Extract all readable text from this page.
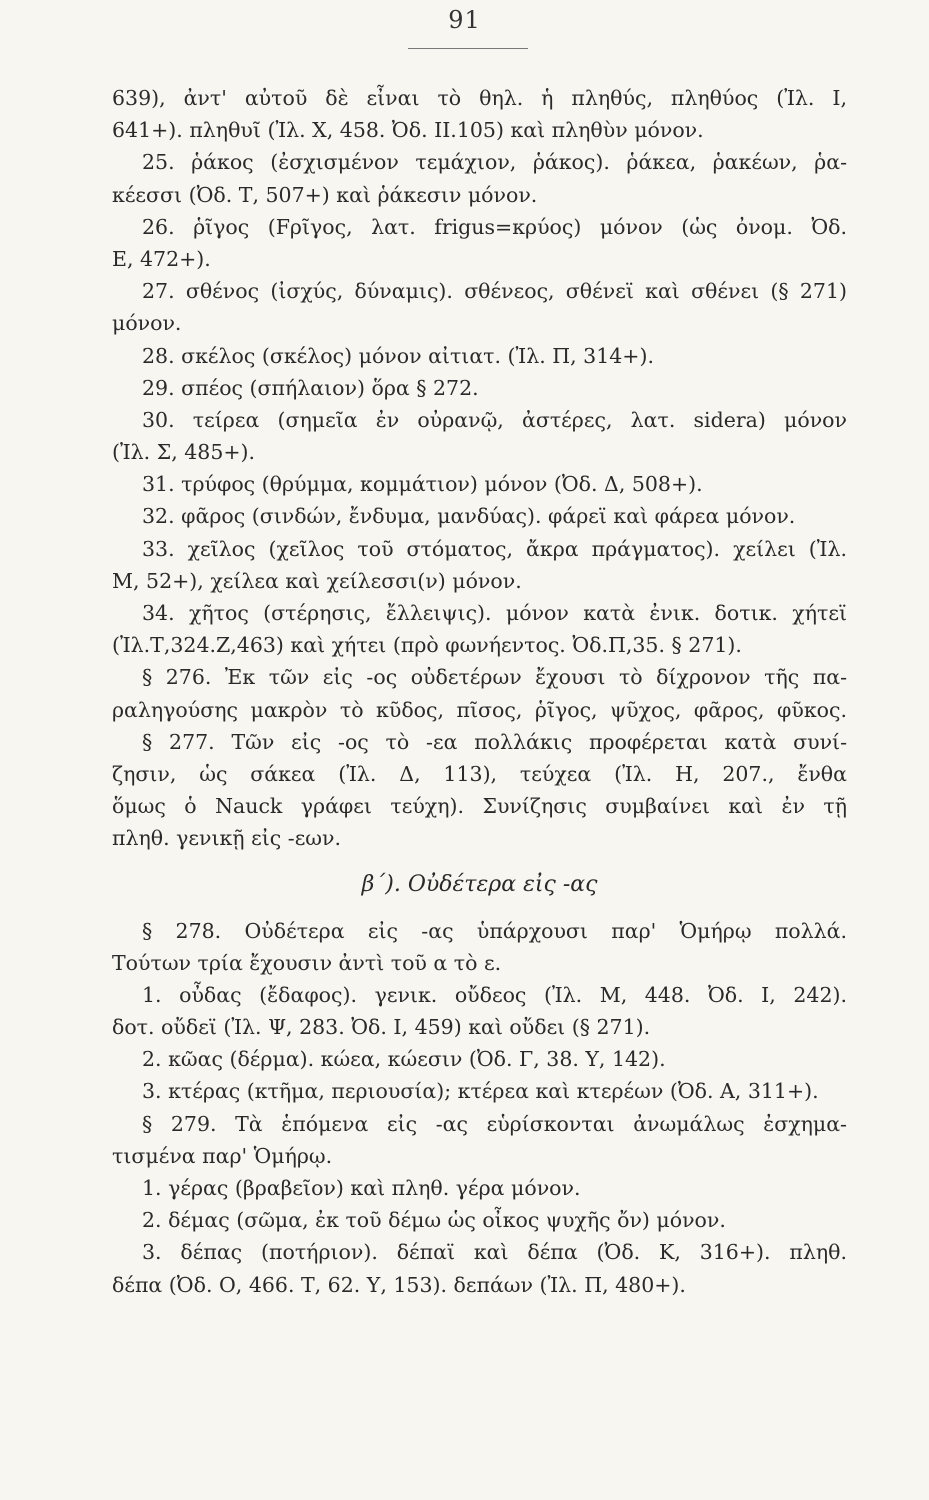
91
639), ἀντ' αὐτοῦ δὲ εἶναι τὸ θηλ. ἡ πληθύς, πληθύος (Ἰλ. Ι,
641+). πληθυῖ (Ἰλ. Χ, 458. Ὀδ. ΙΙ.105) καὶ πληθὺν μόνον.
25. ῥάκος (ἐσχισμένον τεμάχιον, ῥάκος). ῥάκεα, ῥακέων, ῥα-
κέεσσι (Ὀδ. Τ, 507+) καὶ ῥάκεσιν μόνον.
26. ῥῖγος (Fρῖγος, λατ. frigus=κρύος) μόνον (ὡς ὀνομ. Ὀδ.
Ε, 472+).
27. σθένος (ἰσχύς, δύναμις). σθένεος, σθένεϊ καὶ σθένει (§ 271)
μόνον.
28. σκέλος (σκέλος) μόνον αἰτιατ. (Ἰλ. Π, 314+).
29. σπέος (σπήλαιον) ὅρα § 272.
30. τείρεα (σημεῖα ἐν οὐρανῷ, ἀστέρες, λατ. sidera) μόνον
(Ἰλ. Σ, 485+).
31. τρύφος (θρύμμα, κομμάτιον) μόνον (Ὀδ. Δ, 508+).
32. φᾶρος (σινδών, ἔνδυμα, μανδύας). φάρεϊ καὶ φάρεα μόνον.
33. χεῖλος (χεῖλος τοῦ στόματος, ἄκρα πράγματος). χείλει (Ἰλ.
Μ, 52+), χείλεα καὶ χείλεσσι(ν) μόνον.
34. χῆτος (στέρησις, ἔλλειψις). μόνον κατὰ ἐνικ. δοτικ. χήτεϊ
(Ἰλ.Τ,324.Ζ,463) καὶ χήτει (πρὸ φωνήεντος. Ὀδ.Π,35. § 271).
§ 276. Ἐκ τῶν εἰς -ος οὐδετέρων ἔχουσι τὸ δίχρονον τῆς πα-
ραληγούσης μακρὸν τὸ κῦδος, πῖσος, ῥῖγος, ψῦχος, φᾶρος, φῦκος.
§ 277. Τῶν εἰς -ος τὸ -εα πολλάκις προφέρεται κατὰ συνί-
ζησιν, ὡς σάκεα (Ἰλ. Δ, 113), τεύχεα (Ἰλ. Η, 207., ἔνθα
ὅμως ὁ Nauck γράφει τεύχη). Συνίζησις συμβαίνει καὶ ἐν τῇ
πληθ. γενικῇ εἰς -εων.
β΄). Οὐδέτερα εἰς -ας
§ 278. Οὐδέτερα εἰς -ας ὑπάρχουσι παρ' Ὁμήρῳ πολλά.
Τούτων τρία ἔχουσιν ἀντὶ τοῦ α τὸ ε.
1. οὖδας (ἔδαφος). γενικ. οὔδεος (Ἰλ. Μ, 448. Ὀδ. Ι, 242).
δοτ. οὔδεϊ (Ἰλ. Ψ, 283. Ὀδ. Ι, 459) καὶ οὔδει (§ 271).
2. κῶας (δέρμα). κώεα, κώεσιν (Ὀδ. Γ, 38. Υ, 142).
3. κτέρας (κτῆμα, περιουσία); κτέρεα καὶ κτερέων (Ὀδ. Α, 311+).
§ 279. Τὰ ἑπόμενα εἰς -ας εὑρίσκονται ἀνωμάλως ἐσχημα-
τισμένα παρ' Ὁμήρῳ.
1. γέρας (βραβεῖον) καὶ πληθ. γέρα μόνον.
2. δέμας (σῶμα, ἐκ τοῦ δέμω ὡς οἶκος ψυχῆς ὄν) μόνον.
3. δέπας (ποτήριον). δέπαϊ καὶ δέπα (Ὀδ. Κ, 316+). πληθ.
δέπα (Ὀδ. Ο, 466. Τ, 62. Υ, 153). δεπάων (Ἰλ. Π, 480+).
